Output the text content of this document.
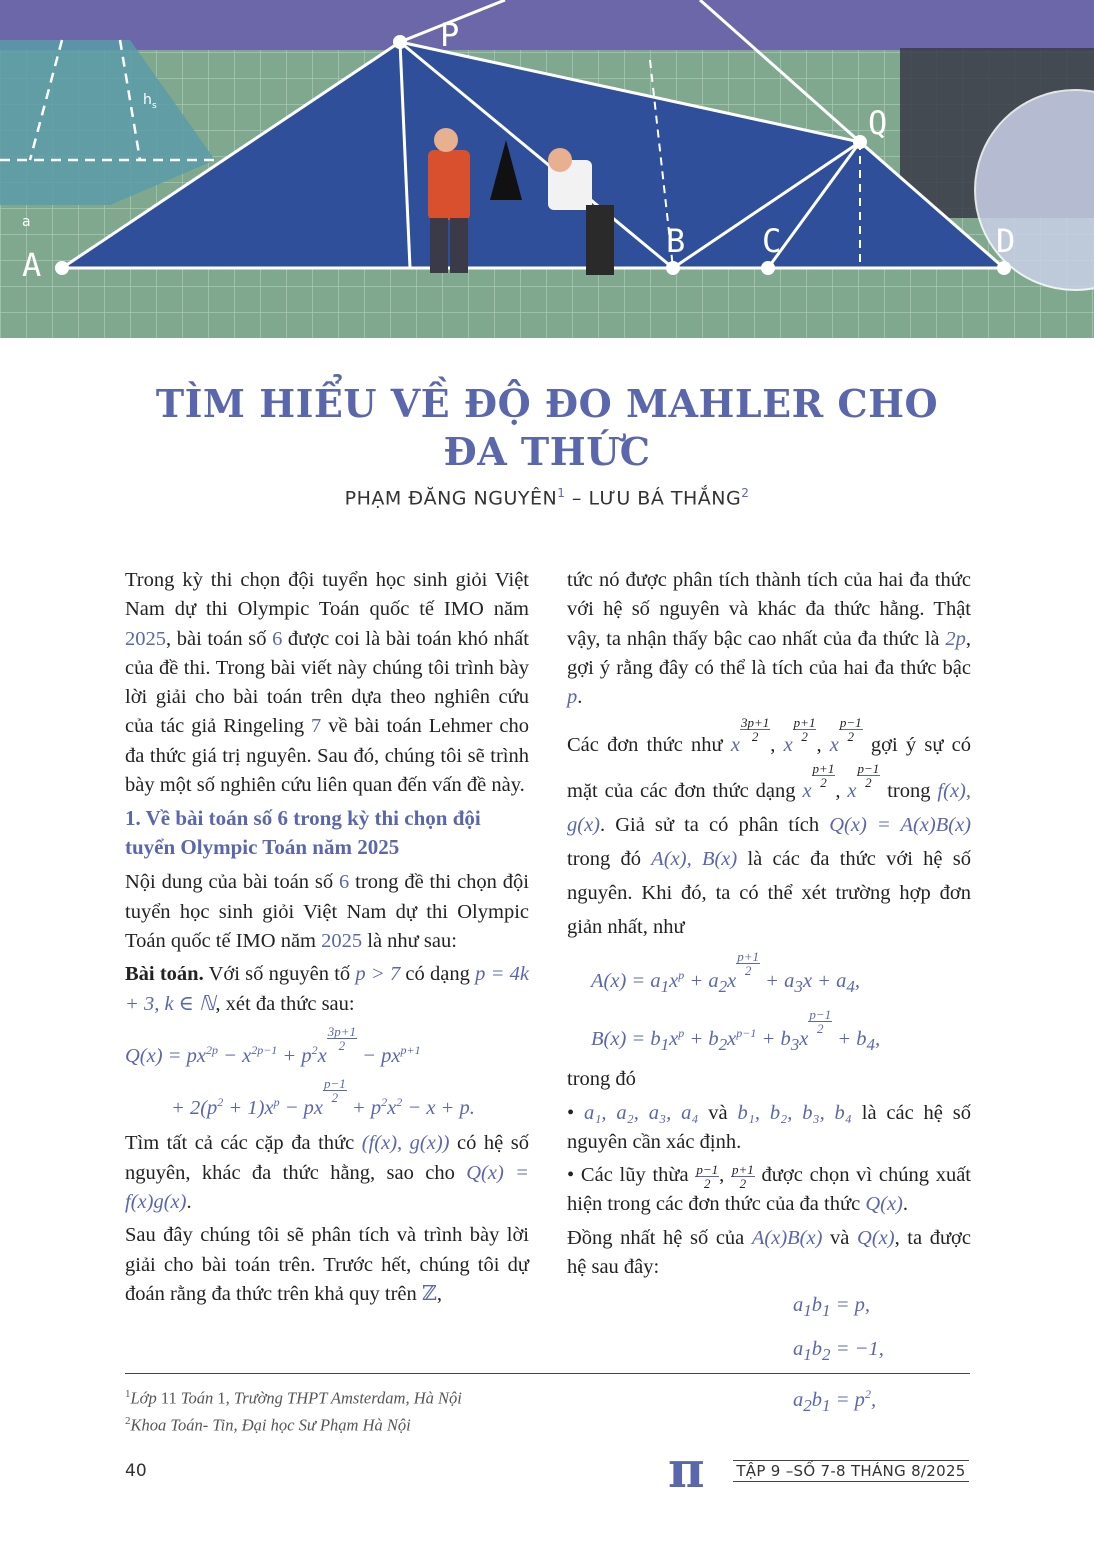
A
P
Q
B C	D
h s
a
TÌM HIỂU VỀ ĐỘ ĐO MAHLER CHO
ĐA THỨC
PHẠM ĐĂNG NGUYÊN$^1$ – LƯU BÁ THẮNG$^2$

Trong kỳ thi chọn đội tuyển học sinh giỏi Việt Nam dự thi Olympic Toán quốc tế IMO năm 2025, bài toán số 6 được coi là bài toán khó nhất của đề thi. Trong bài viết này chúng tôi trình bày lời giải cho bài toán trên dựa theo nghiên cứu của tác giả Ringeling 7 về bài toán Lehmer cho đa thức giá trị nguyên. Sau đó, chúng tôi sẽ trình bày một số nghiên cứu liên quan đến vấn đề này.

1. Về bài toán số 6 trong kỳ thi chọn đội tuyển Olympic Toán năm 2025

Nội dung của bài toán số 6 trong đề thi chọn đội tuyển học sinh giỏi Việt Nam dự thi Olympic Toán quốc tế IMO năm 2025 là như sau:

Bài toán. Với số nguyên tố p > 7 có dạng p = 4k + 3, k ∈ ℕ, xét đa thức sau:

$Q(x) = px^{2p} - x^{2p-1} + p^2x$
$\frac{3p+1}{2}$
− $px^{p+1}$
+ $2(p^2 + 1)x^p$ − px
$\frac{p-1}{2}$
+ $p^2x^2 - x + p$.

Tìm tất cả các cặp đa thức (f(x), g(x)) có hệ số nguyên, khác đa thức hằng, sao cho Q(x) = f(x)g(x).

Sau đây chúng tôi sẽ phân tích và trình bày lời giải cho bài toán trên. Trước hết, chúng tôi dự đoán rằng đa thức trên khả quy trên ℤ,

tức nó được phân tích thành tích của hai đa thức với hệ số nguyên và khác đa thức hằng. Thật vậy, ta nhận thấy bậc cao nhất của đa thức là 2p, gợi ý rằng đây có thể là tích của hai đa thức bậc p.

Các đơn thức như x
$\frac{3p+1}{2}$
, x
$\frac{p+1}{2}$
, x
$\frac{p-1}{2}$
gợi ý sự có mặt của các đơn thức dạng x
$\frac{p+1}{2}$
, x
$\frac{p-1}{2}$
trong f(x), g(x). Giả sử ta có phân tích Q(x) = A(x)B(x) trong đó A(x), B(x) là các đa thức với hệ số nguyên. Khi đó, ta có thể xét trường hợp đơn giản nhất, như

$A(x) = a_1x^p + a_2x$
$\frac{p+1}{2}$
+ $a_3x + a_4$,
$B(x) = b_1x^p + b_2x^{p-1} + b_3x$
$\frac{p-1}{2}$
+ $b_4$,

trong đó

• a₁, a₂, a₃, a₄ và b₁, b₂, b₃, b₄ là các hệ số nguyên cần xác định.

• Các lũy thừa $\frac{p-1}{2}$ , $\frac{p+1}{2}$ được chọn vì chúng xuất hiện trong các đơn thức của đa thức Q(x).

Đồng nhất hệ số của A(x)B(x) và Q(x), ta được hệ sau đây:

$a_1b_1 = p$,
$a_1b_2 = -1$,
$a_2b_1 = p^2$,
$^1$Lớp 11 Toán 1, Trường THPT Amsterdam, Hà Nội
$^2$Khoa Toán- Tin, Đại học Sư Phạm Hà Nội
40	π TẬP 9 –SỐ 7-8 THÁNG 8/2025
